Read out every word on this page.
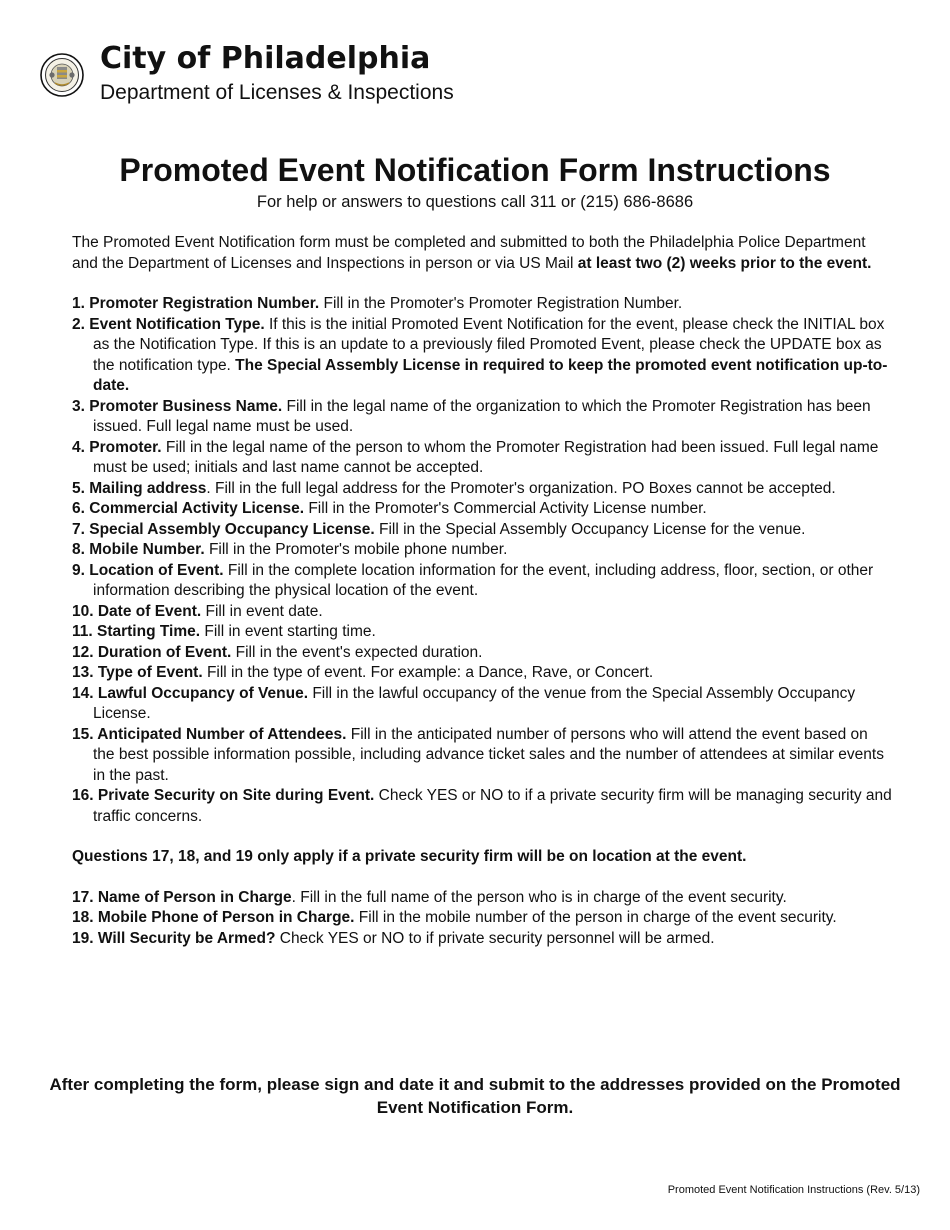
City of Philadelphia
Department of Licenses & Inspections
Promoted Event Notification Form Instructions
For help or answers to questions call 311 or (215) 686-8686

The Promoted Event Notification form must be completed and submitted to both the Philadelphia Police Department and the Department of Licenses and Inspections in person or via US Mail at least two (2) weeks prior to the event.

1. Promoter Registration Number. Fill in the Promoter's Promoter Registration Number.
2. Event Notification Type. If this is the initial Promoted Event Notification for the event, please check the INITIAL box as the Notification Type. If this is an update to a previously filed Promoted Event, please check the UPDATE box as the notification type. The Special Assembly License in required to keep the promoted event notification up-to-date.
3. Promoter Business Name. Fill in the legal name of the organization to which the Promoter Registration has been issued. Full legal name must be used.
4. Promoter. Fill in the legal name of the person to whom the Promoter Registration had been issued. Full legal name must be used; initials and last name cannot be accepted.
5. Mailing address. Fill in the full legal address for the Promoter's organization. PO Boxes cannot be accepted.
6. Commercial Activity License. Fill in the Promoter's Commercial Activity License number.
7. Special Assembly Occupancy License. Fill in the Special Assembly Occupancy License for the venue.
8. Mobile Number. Fill in the Promoter's mobile phone number.
9. Location of Event. Fill in the complete location information for the event, including address, floor, section, or other information describing the physical location of the event.
10. Date of Event. Fill in event date.
11. Starting Time. Fill in event starting time.
12. Duration of Event. Fill in the event's expected duration.
13. Type of Event. Fill in the type of event. For example: a Dance, Rave, or Concert.
14. Lawful Occupancy of Venue. Fill in the lawful occupancy of the venue from the Special Assembly Occupancy License.
15. Anticipated Number of Attendees. Fill in the anticipated number of persons who will attend the event based on the best possible information possible, including advance ticket sales and the number of attendees at similar events in the past.
16. Private Security on Site during Event. Check YES or NO to if a private security firm will be managing security and traffic concerns.

Questions 17, 18, and 19 only apply if a private security firm will be on location at the event.

17. Name of Person in Charge. Fill in the full name of the person who is in charge of the event security.
18. Mobile Phone of Person in Charge. Fill in the mobile number of the person in charge of the event security.
19. Will Security be Armed? Check YES or NO to if private security personnel will be armed.
After completing the form, please sign and date it and submit to the addresses provided on the Promoted Event Notification Form.
Promoted Event Notification Instructions (Rev. 5/13)
